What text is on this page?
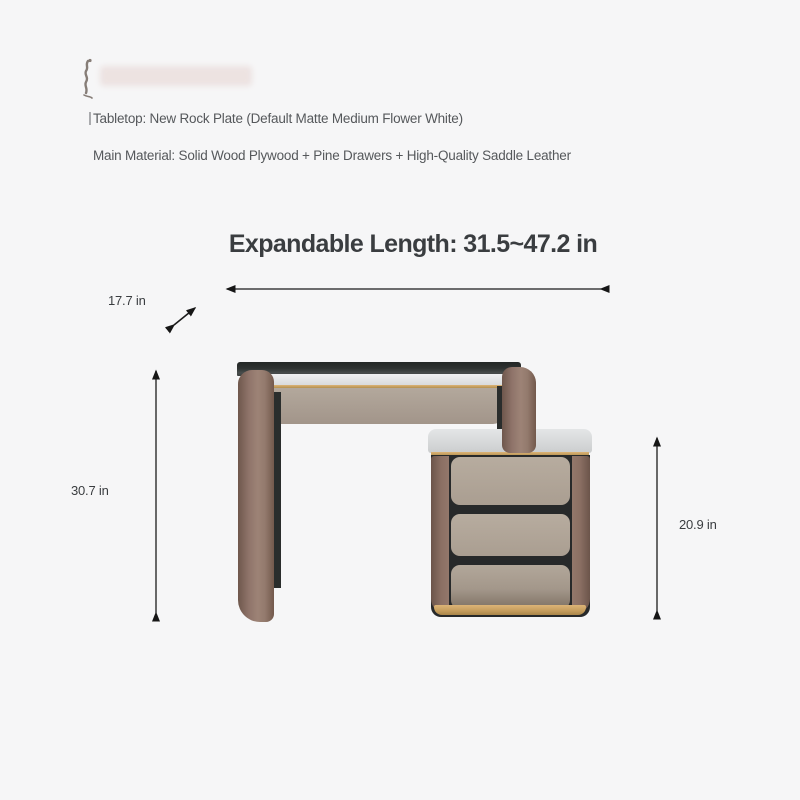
Tabletop: New Rock Plate (Default Matte Medium Flower White)
Main Material: Solid Wood Plywood + Pine Drawers + High-Quality Saddle Leather
Expandable Length: 31.5~47.2 in
17.7 in
30.7 in
20.9 in
